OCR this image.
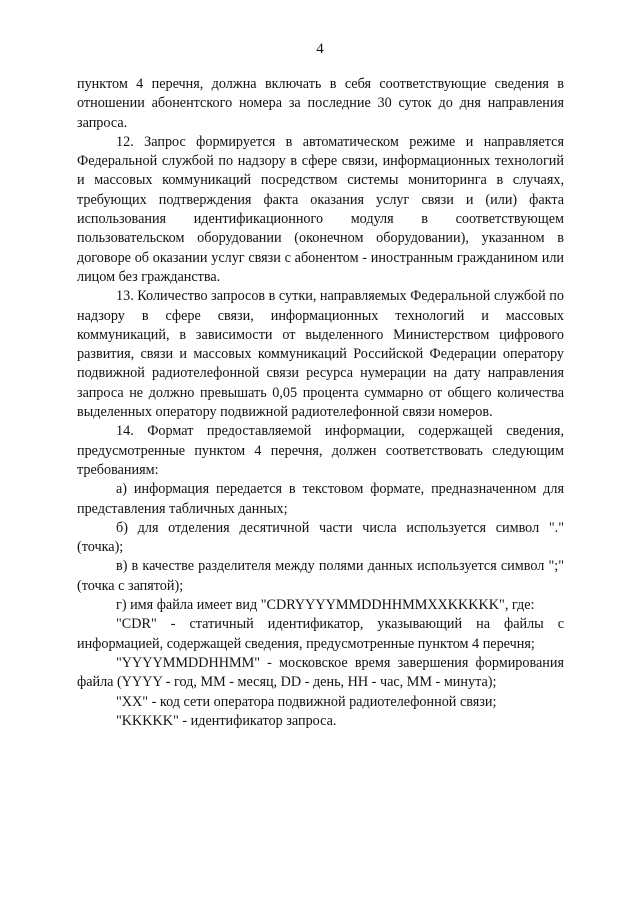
4

пунктом 4 перечня, должна включать в себя соответствующие сведения в отношении абонентского номера за последние 30 суток до дня направления запроса.

12. Запрос формируется в автоматическом режиме и направляется Федеральной службой по надзору в сфере связи, информационных технологий и массовых коммуникаций посредством системы мониторинга в случаях, требующих подтверждения факта оказания услуг связи и (или) факта использования идентификационного модуля в соответствующем пользовательском оборудовании (оконечном оборудовании), указанном в договоре об оказании услуг связи с абонентом - иностранным гражданином или лицом без гражданства.

13. Количество запросов в сутки, направляемых Федеральной службой по надзору в сфере связи, информационных технологий и массовых коммуникаций, в зависимости от выделенного Министерством цифрового развития, связи и массовых коммуникаций Российской Федерации оператору подвижной радиотелефонной связи ресурса нумерации на дату направления запроса не должно превышать 0,05 процента суммарно от общего количества выделенных оператору подвижной радиотелефонной связи номеров.

14. Формат предоставляемой информации, содержащей сведения, предусмотренные пунктом 4 перечня, должен соответствовать следующим требованиям:

а) информация передается в текстовом формате, предназначенном для представления табличных данных;

б) для отделения десятичной части числа используется символ "." (точка);

в) в качестве разделителя между полями данных используется символ ";" (точка с запятой);

г) имя файла имеет вид "CDRYYYYMMDDHHMMXXKKKKK", где:

"CDR" - статичный идентификатор, указывающий на файлы с информацией, содержащей сведения, предусмотренные пунктом 4 перечня;

"YYYYMMDDHHMM" - московское время завершения формирования файла (YYYY - год, MM - месяц, DD - день, HH - час, MM - минута);

"XX" - код сети оператора подвижной радиотелефонной связи;

"KKKKK" - идентификатор запроса.
